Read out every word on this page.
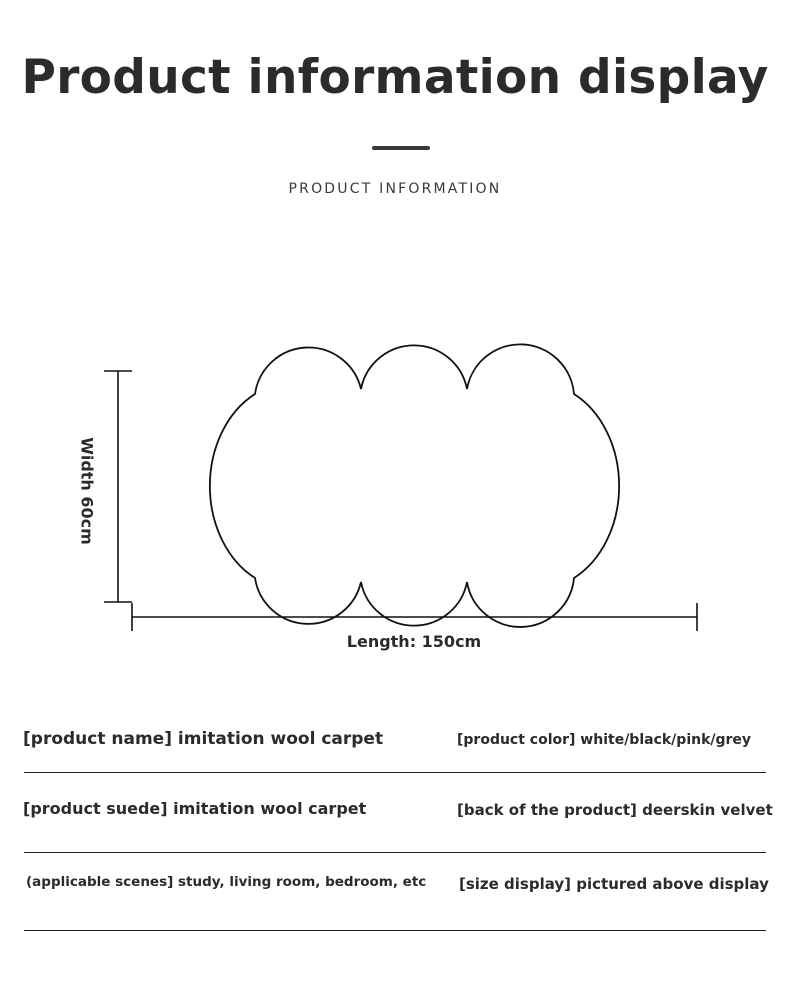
Product information display
PRODUCT INFORMATION
Width 60cm
Length: 150cm

[product name] imitation wool carpet	[product color] white/black/pink/grey

[product suede] imitation wool carpet	[back of the product] deerskin velvet

(applicable scenes] study, living room, bedroom, etc [size display] pictured above display
